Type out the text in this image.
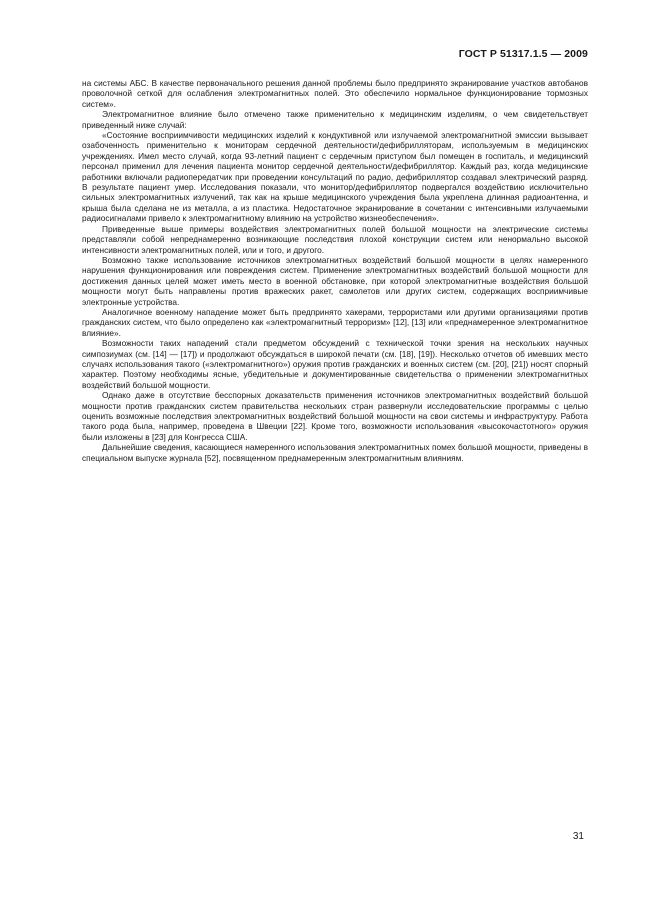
ГОСТ Р 51317.1.5 — 2009

на системы АБС. В качестве первоначального решения данной проблемы было предпринято экранирование участков автобанов проволочной сеткой для ослабления электромагнитных полей. Это обеспечило нормальное функционирование тормозных систем».

Электромагнитное влияние было отмечено также применительно к медицинским изделиям, о чем свидетельствует приведенный ниже случай:

«Состояние восприимчивости медицинских изделий к кондуктивной или излучаемой электромагнитной эмиссии вызывает озабоченность применительно к мониторам сердечной деятельности/дефибрилляторам, используемым в медицинских учреждениях. Имел место случай, когда 93-летний пациент с сердечным приступом был помещен в госпиталь, и медицинский персонал применил для лечения пациента монитор сердечной деятельности/дефибриллятор. Каждый раз, когда медицинские работники включали радиопередатчик при проведении консультаций по радио, дефибриллятор создавал электрический разряд. В результате пациент умер. Исследования показали, что монитор/дефибриллятор подвергался воздействию исключительно сильных электромагнитных излучений, так как на крыше медицинского учреждения была укреплена длинная радиоантенна, и крыша была сделана не из металла, а из пластика. Недостаточное экранирование в сочетании с интенсивными излучаемыми радиосигналами привело к электромагнитному влиянию на устройство жизнеобеспечения».

Приведенные выше примеры воздействия электромагнитных полей большой мощности на электрические системы представляли собой непреднамеренно возникающие последствия плохой конструкции систем или ненормально высокой интенсивности электромагнитных полей, или и того, и другого.

Возможно также использование источников электромагнитных воздействий большой мощности в целях намеренного нарушения функционирования или повреждения систем. Применение электромагнитных воздействий большой мощности для достижения данных целей может иметь место в военной обстановке, при которой электромагнитные воздействия большой мощности могут быть направлены против вражеских ракет, самолетов или других систем, содержащих восприимчивые электронные устройства.

Аналогичное военному нападение может быть предпринято хакерами, террористами или другими организациями против гражданских систем, что было определено как «электромагнитный терроризм» [12], [13] или «преднамеренное электромагнитное влияние».

Возможности таких нападений стали предметом обсуждений с технической точки зрения на нескольких научных симпозиумах (см. [14] — [17]) и продолжают обсуждаться в широкой печати (см. [18], [19]). Несколько отчетов об имевших место случаях использования такого («электромагнитного») оружия против гражданских и военных систем (см. [20], [21]) носят спорный характер. Поэтому необходимы ясные, убедительные и документированные свидетельства о применении электромагнитных воздействий большой мощности.

Однако даже в отсутствие бесспорных доказательств применения источников электромагнитных воздействий большой мощности против гражданских систем правительства нескольких стран развернули исследовательские программы с целью оценить возможные последствия электромагнитных воздействий большой мощности на свои системы и инфраструктуру. Работа такого рода была, например, проведена в Швеции [22]. Кроме того, возможности использования «высокочастотного» оружия были изложены в [23] для Конгресса США.

Дальнейшие сведения, касающиеся намеренного использования электромагнитных помех большой мощности, приведены в специальном выпуске журнала [52], посвященном преднамеренным электромагнитным влияниям.

31
